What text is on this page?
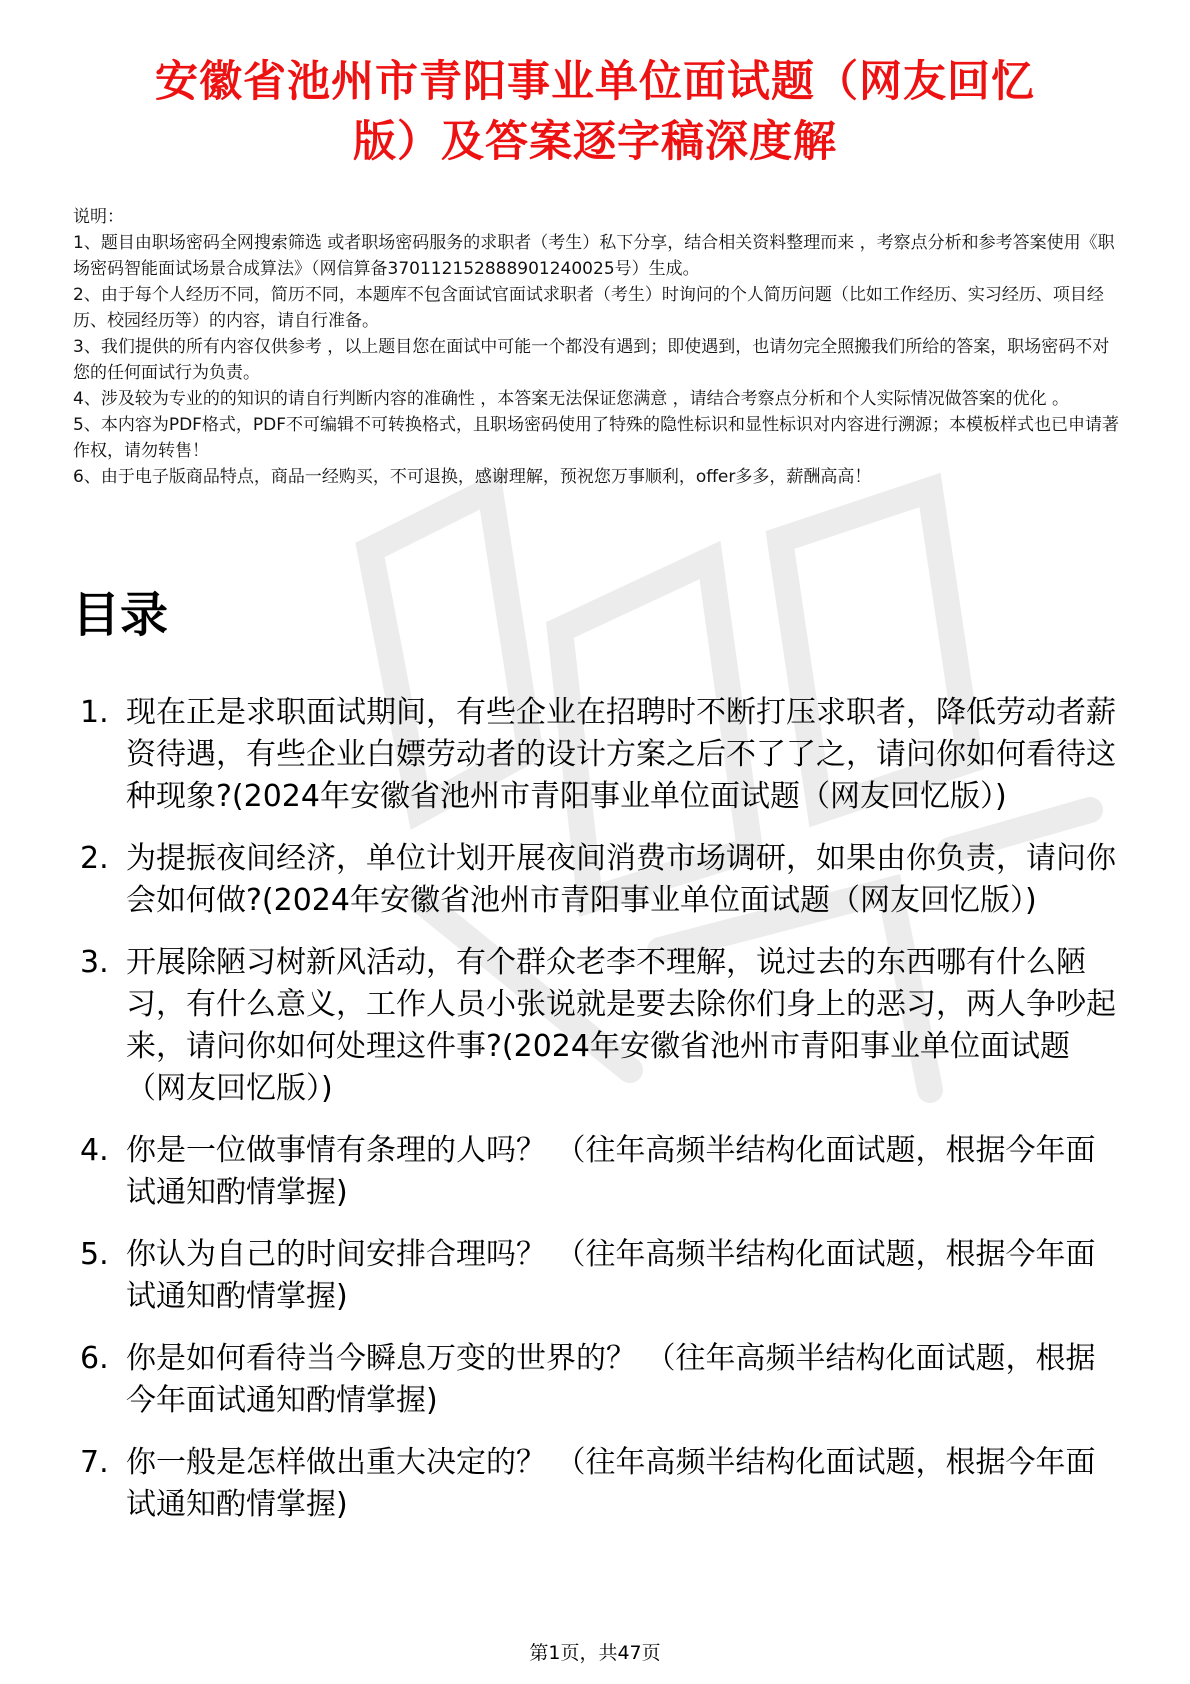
安徽省池州市青阳事业单位面试题（网友回忆
版）及答案逐字稿深度解
说明：
1、题目由职场密码全网搜索筛选 或者职场密码服务的求职者（考生）私下分享，结合相关资料整理而来 ，考察点分析和参考答案使用《职场密码智能面试场景合成算法》（网信算备370112152888901240025号）生成。
2、由于每个人经历不同，简历不同，本题库不包含面试官面试求职者（考生）时询问的个人简历问题（比如工作经历、实习经历、项目经历、校园经历等）的内容，请自行准备。
3、我们提供的所有内容仅供参考 ，以上题目您在面试中可能一个都没有遇到；即使遇到，也请勿完全照搬我们所给的答案，职场密码不对您的任何面试行为负责。
4、涉及较为专业的的知识的请自行判断内容的准确性 ，本答案无法保证您满意 ，请结合考察点分析和个人实际情况做答案的优化 。
5、本内容为PDF格式，PDF不可编辑不可转换格式，且职场密码使用了特殊的隐性标识和显性标识对内容进行溯源；本模板样式也已申请著作权，请勿转售！
6、由于电子版商品特点，商品一经购买，不可退换，感谢理解，预祝您万事顺利，offer多多，薪酬高高！
目录
1. 现在正是求职面试期间，有些企业在招聘时不断打压求职者，降低劳动者薪资待遇，有些企业白嫖劳动者的设计方案之后不了了之，请问你如何看待这种现象?(2024年安徽省池州市青阳事业单位面试题（网友回忆版）)
2. 为提振夜间经济，单位计划开展夜间消费市场调研，如果由你负责，请问你会如何做?(2024年安徽省池州市青阳事业单位面试题（网友回忆版）)
3. 开展除陋习树新风活动，有个群众老李不理解，说过去的东西哪有什么陋习，有什么意义，工作人员小张说就是要去除你们身上的恶习，两人争吵起来，请问你如何处理这件事?(2024年安徽省池州市青阳事业单位面试题（网友回忆版）)
4. 你是一位做事情有条理的人吗？ （往年高频半结构化面试题，根据今年面试通知酌情掌握)
5. 你认为自己的时间安排合理吗？ （往年高频半结构化面试题，根据今年面试通知酌情掌握)
6. 你是如何看待当今瞬息万变的世界的？ （往年高频半结构化面试题，根据今年面试通知酌情掌握)
7. 你一般是怎样做出重大决定的？ （往年高频半结构化面试题，根据今年面试通知酌情掌握)
第1页，共47页
